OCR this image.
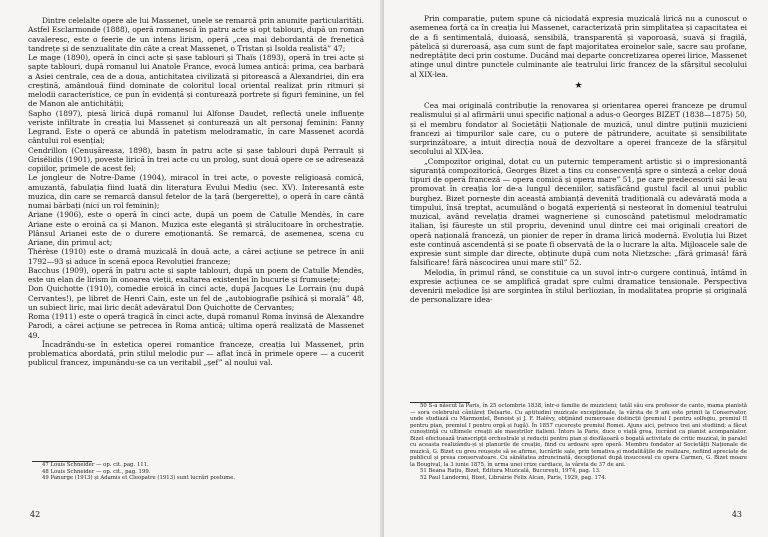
Dintre celelalte opere ale lui Massenet, unele se remarcă prin anumite particularități. Astfel Esclarmonde (1888), operă romanescă în patru acte și opt tablouri, după un roman cavaleresc, este o feerie de un intens lirism, operă „cea mai debordantă de frenetică tandrețe și de senzualitate din câte a creat Massenet, o Tristan și Isolda realistă” 47;

Le mage (1890), operă în cinci acte și șase tablouri și Thaïs (1893), operă în trei acte și șapte tablouri, după romanul lui Anatole France, evocă lumea antică: prima, cea barbară a Asiei centrale, cea de a doua, antichitatea civilizată și pitorească a Alexandriei, din era creștină, amândouă fiind dominate de coloritul local oriental realizat prin ritmuri și melodii caracteristice, ce pun în evidență și conturează portrete și figuri feminine, un fel de Manon ale antichității;

Sapho (1897), piesă lirică după romanul lui Alfonse Daudet, reflectă unele influențe veriste infiltrate în creația lui Massenet și conturează un alt personaj feminin: Fanny Legrand. Este o operă ce abundă în patetism melodramatic, în care Massenet acordă cântului rol esențial;

Cendrillon (Cenușăreasa, 1898), basm în patru acte și șase tablouri după Perrault și Grisélidis (1901), poveste lirică în trei acte cu un prolog, sunt două opere ce se adresează copiilor, primele de acest fel;

Le jongleur de Notre-Dame (1904), miracol în trei acte, o poveste religioasă comică, amuzantă, fabulația fiind luată din literatura Evului Mediu (sec. XV). Interesantă este muzica, din care se remarcă dansul fetelor de la țară (bergerette), o operă în care cântă numai bărbați (nici un rol feminin);

Ariane (1906), este o operă în cinci acte, după un poem de Catulle Mendès, în care Ariane este o eroină ca și Manon. Muzica este elegantă și strălucitoare în orchestrație. Plânsul Arianei este de o durere emoționantă. Se remarcă, de asemenea, scena cu Ariane, din primul act;

Thérèse (1910) este o dramă muzicală în două acte, a cărei acțiune se petrece în anii 1792—93 și aduce în scenă epoca Revoluției franceze;

Bacchus (1909), operă în patru acte și șapte tablouri, după un poem de Catulle Mendès, este un elan de lirism în onoarea vieții, exaltarea existenței în bucurie și frumusețe;

Don Quichotte (1910), comedie eroică în cinci acte, după Jacques Le Lorrain (nu după Cervantes!), pe libret de Henri Cain, este un fel de „autobiografie psihică și morală” 48, un subiect liric, mai liric decât adevăratul Don Quichotte de Cervantes;

Roma (1911) este o operă tragică în cinci acte, după romanul Roma învinsă de Alexandre Parodi, a cărei acțiune se petrecea în Roma antică; ultima operă realizată de Massenet 49.

Încadrându-se în estetica operei romantice franceze, creația lui Massenet, prin problematica abordată, prin stilul melodic pur — aflat încă în primele opere — a cucerit publicul francez, impunându-se ca un veritabil „șef” al noului val.

47 Louis Schneider — op. cit. pag. 111.
48 Louis Schneider — op. cit., pag. 199.
49 Panurge (1913) și Adamis et Cleopatre (1913) sunt lucrări postume.
42

Prin comparație, putem spune că niciodată expresia muzicală lirică nu a cunoscut o asemenea forță ca în creația lui Massenet, caracterizată prin simplitatea și capacitatea ei de a fi sentimentală, duioasă, sensibilă, transparentă și vaporoasă, suavă și fragilă, pătelică și dureroasă, așa cum sunt de fapt majoritatea eroinelor sale, sacre sau profane, nedreptățite deci prin costume. Ducând mai departe concretizarea operei lirice, Massenet atinge unul dintre punctele culminante ale teatrului liric francez de la sfârșitul secolului al XIX-lea.

★

Cea mai originală contribuție la renovarea și orientarea operei franceze pe drumul realismului și al afirmării unui specific național a adus-o Georges BIZET (1838—1875) 50, și el membru fondator al Societății Naționale de muzică, unul dintre puținii muzicieni francezi ai timpurilor sale care, cu o putere de pătrundere, acuitate și sensibilitate surprinzătoare, a intuit direcția nouă de dezvoltare a operei franceze de la sfârșitul secolului al XIX-lea.

„Compozitor original, dotat cu un puternic temperament artistic și o impresionantă siguranță compozitorică, Georges Bizet a tins cu consecvență spre o sinteză a celor două tipuri de operă franceză — opera comică și opera mare” 51, pe care predecesorii săi le-au promovat în creația lor de-a lungul deceniilor, satisfăcând gustul facil al unui public burghez. Bizet pornește din această ambianță devenită tradițională cu adevărată moda a timpului, însă treptat, acumulând o bogată experiență și nesteorat în domeniul teatrului muzical, având revelația dramei wagneriene și cunoscând patetismul melodramatic italian, își făurește un stil propriu, devenind unul dintre cei mai originali creatori de operă națională franceză, un pionier de reper în drama lirică modernă. Evoluția lui Bizet este continuă ascendentă și se poate fi observată de la o lucrare la alta. Mijloacele sale de expresie sunt simple dar directe, obținute după cum nota Nietzsche: „fără grimasă! fără falsificare! fără născocirea unui mare stil” 52.

Melodia, în primul rând, se constituie ca un suvol intr-o curgere continuă, întâmd în expresie acțiunea ce se amplifică gradat spre culmi dramatice tensionale. Perspectiva devenirii melodice își are sorgintea în stilul berliozian, în modalitatea proprie și originală de personalizare idea-

50 S-a născut la Paris, în 25 octombrie 1838, într-o familie de muzicieni; tatăl său era profesor de canto, mama pianistă — sora celebrului cântăreț Delsarte. Cu aptitudini muzicale excepționale, la vârsta de 9 ani este primit la Conservator, unde studiază cu Marmontel, Benoist și J. F. Halévy, obținând numeroase distincții (premiul I pentru solfegiu, premiul II pentru pian, premiul I pentru orgă și fugă). În 1857 cucerește premiul Romei. Ajuns aici, petrece trei ani studiind; a făcut cunoștință cu ultimele creații ale maeștrilor italieni. Întors la Paris, duce o viață grea, lucrând ca pianist acompaniator. Bizet efectuează transcripții orchestrale și reducții pentru pian și desfășoară o bogată activitate de critic muzical, în paralel cu aceasta realizându-și și planurile de creație, fiind cu ardoare spre operă. Membru fondator al Societății Naționale de muzică, G. Bizet cu greu reușește să se afirme, lucrările sale, prin temativa și modalitățile de realizare, nefiind apreciate de publicul și presa conservatoare. Cu sănătatea zdruncinată, decepționat după insuccesul cu opera Carmen, G. Bizet moare la Bougival, la 3 iunie 1875, în urma unei crize cardiace, la vârsta de 37 de ani.
51 Beana Rațiu, Bizet, Editura Muzicală, București, 1974, pag. 13.
52 Paul Landormi, Bizet, Librairie Felix Alcan, Paris, 1929, pag. 174.
43
